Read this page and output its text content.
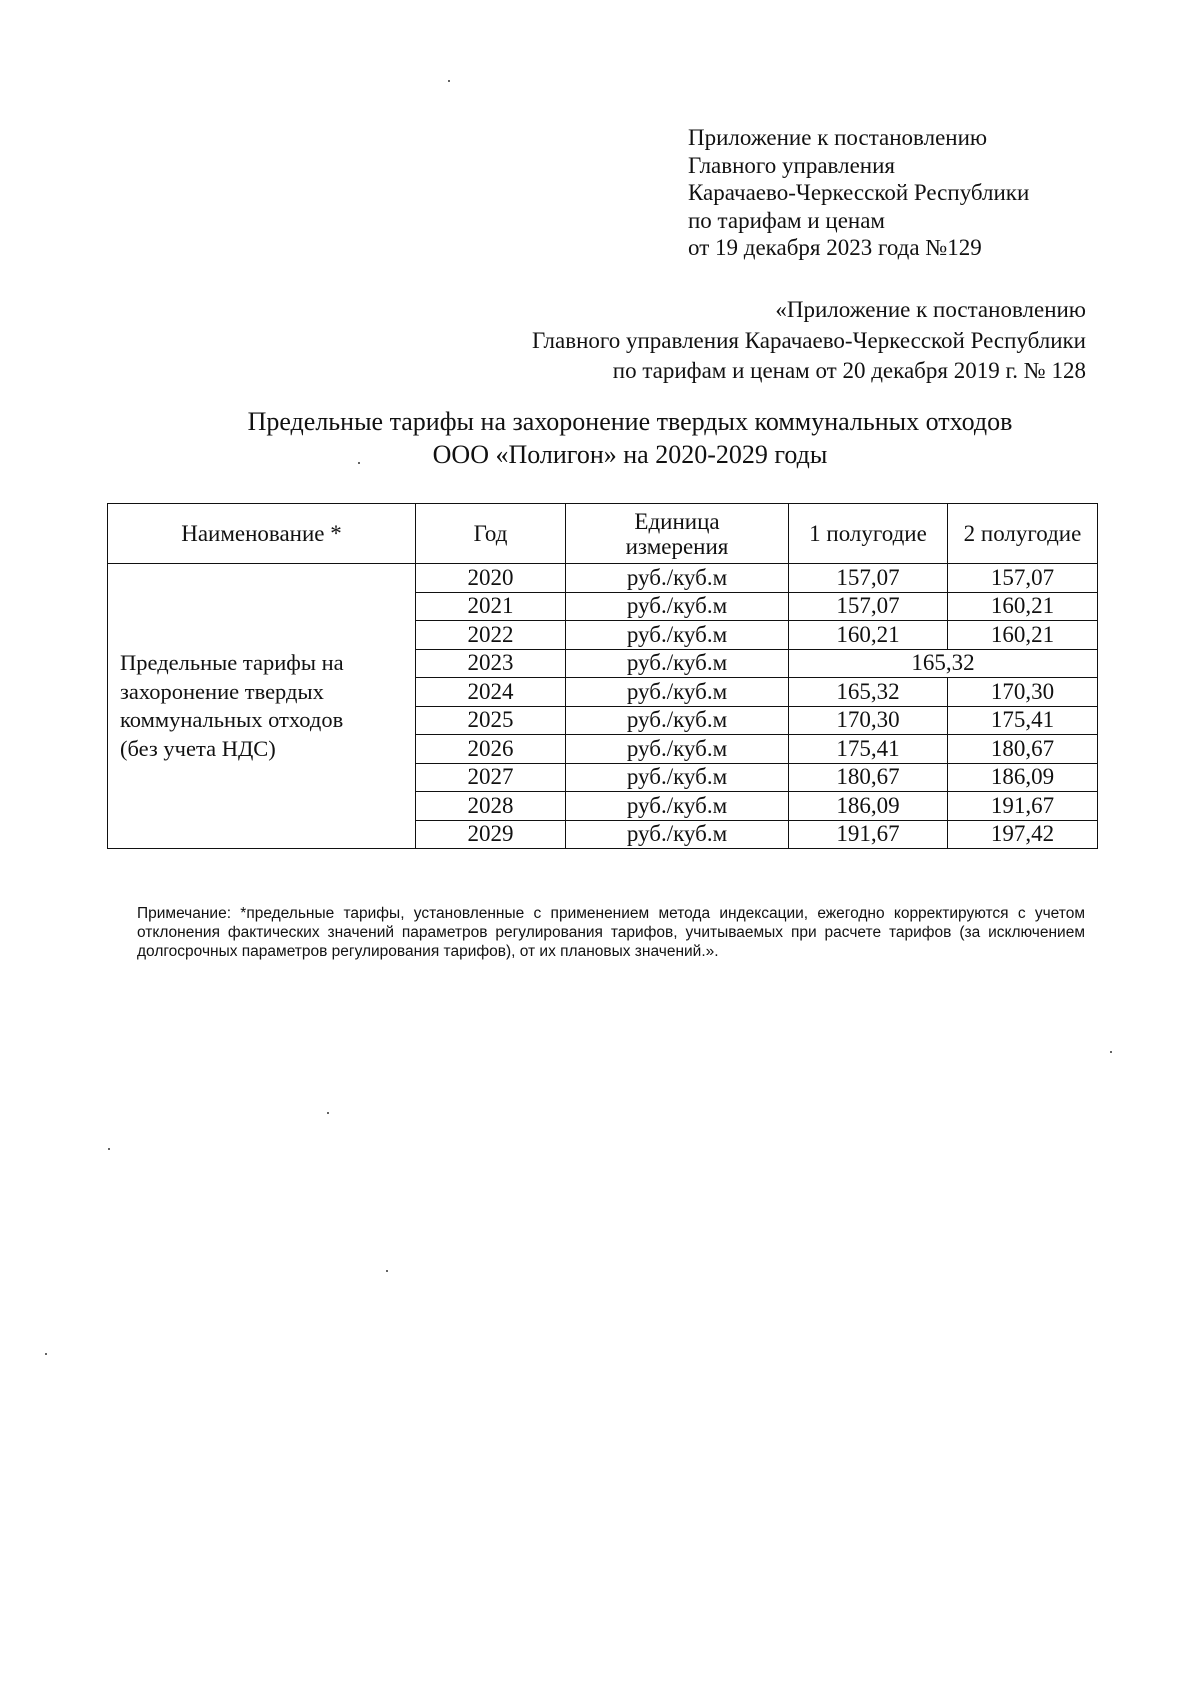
Приложение к постановлению
Главного управления
Карачаево-Черкесской Республики
по тарифам и ценам
от 19 декабря 2023 года №129
«Приложение к постановлению
Главного управления Карачаево-Черкесской Республики
по тарифам и ценам от 20 декабря 2019 г. № 128
Предельные тарифы на захоронение твердых коммунальных отходов
ООО «Полигон» на 2020-2029 годы
Наименование *	Год	Единица
измерения	1 полугодие	2 полугодие

Предельные тарифы на
захоронение твердых
коммунальных отходов
(без учета НДС)	2020	руб./куб.м	157,07	157,07
	2021	руб./куб.м	157,07	160,21
	2022	руб./куб.м	160,21	160,21
	2023	руб./куб.м	165,32	
	2024	руб./куб.м	165,32	170,30
	2025	руб./куб.м	170,30	175,41
	2026	руб./куб.м	175,41	180,67
	2027	руб./куб.м	180,67	186,09
	2028	руб./куб.м	186,09	191,67
	2029	руб./куб.м	191,67	197,42
Примечание: *предельные тарифы, установленные с применением метода индексации, ежегодно корректируются с учетом отклонения фактических значений параметров регулирования тарифов, учитываемых при расчете тарифов (за исключением долгосрочных параметров регулирования тарифов), от их плановых значений.».
